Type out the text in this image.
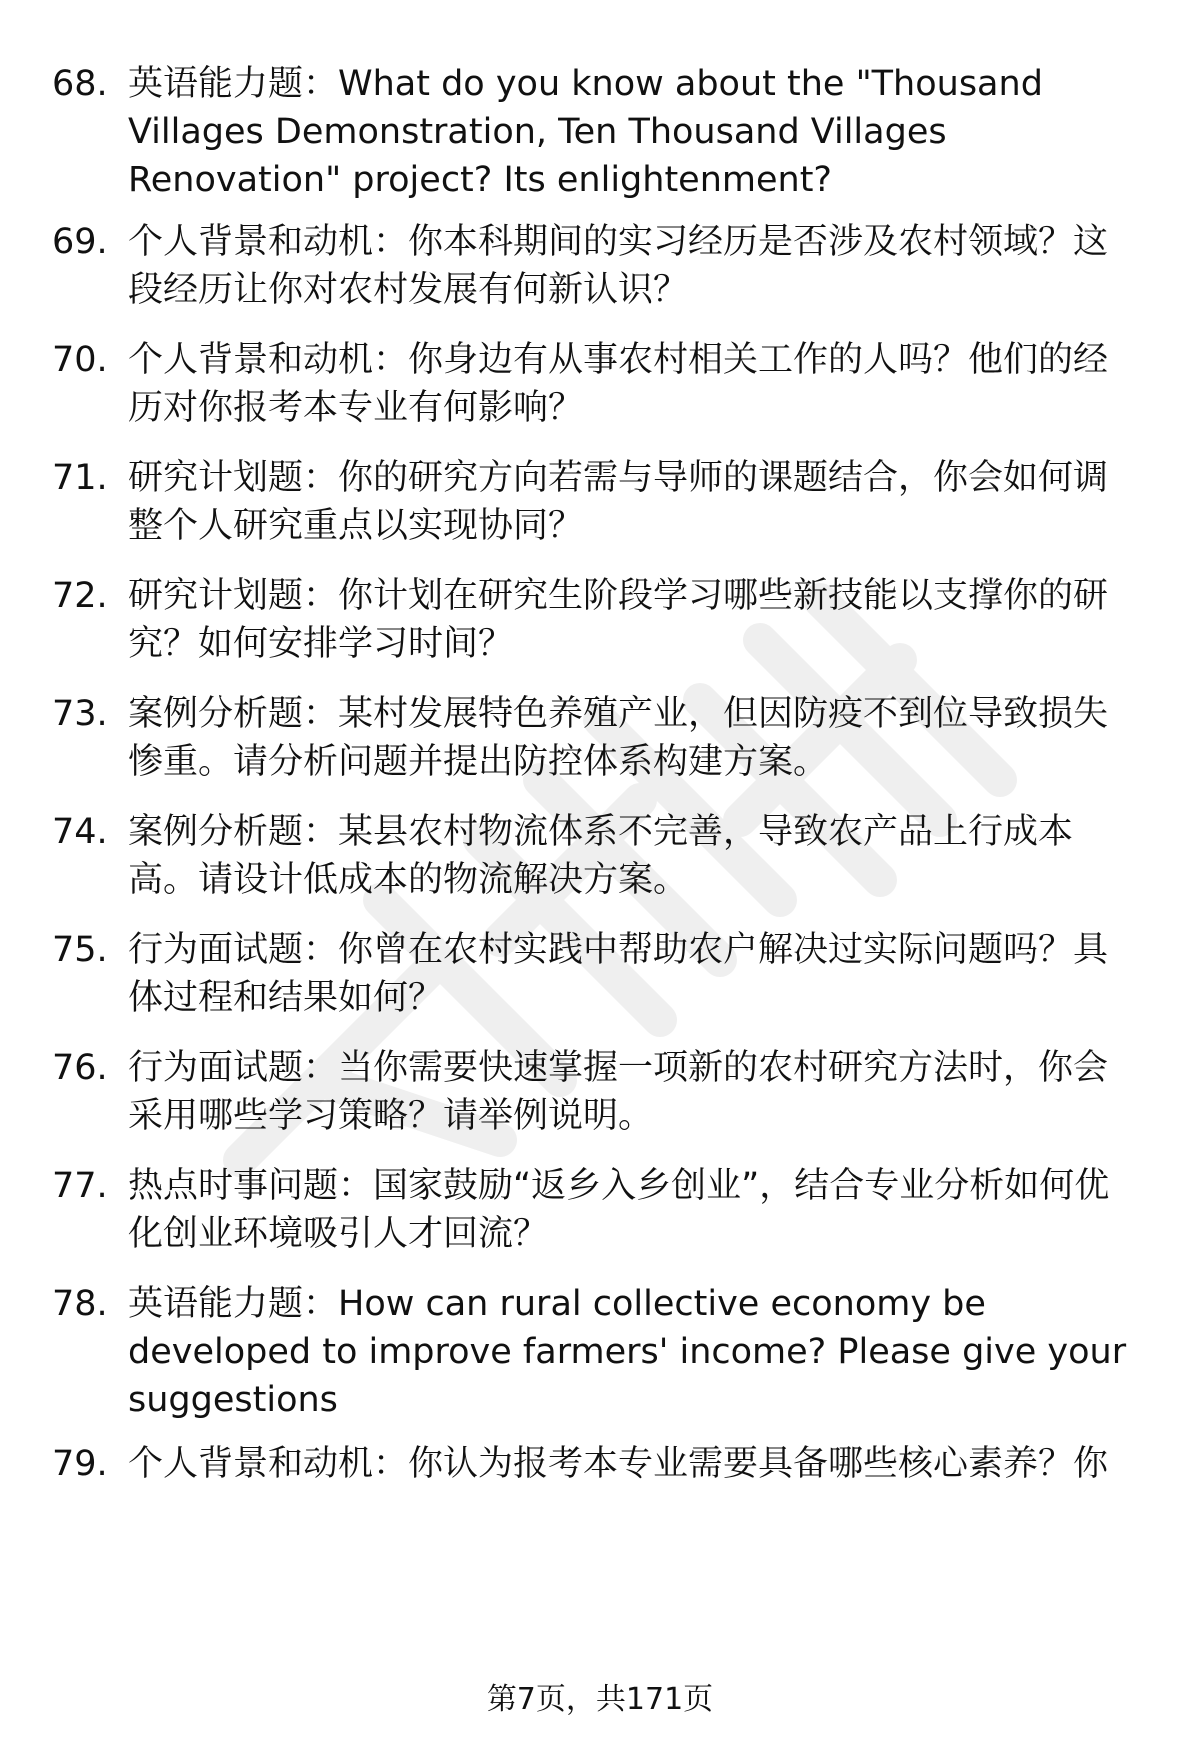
68. 英语能力题：What do you know about the "Thousand Villages Demonstration, Ten Thousand Villages Renovation" project? Its enlightenment?
69. 个人背景和动机：你本科期间的实习经历是否涉及农村领域？这段经历让你对农村发展有何新认识？
70. 个人背景和动机：你身边有从事农村相关工作的人吗？他们的经历对你报考本专业有何影响？
71. 研究计划题：你的研究方向若需与导师的课题结合，你会如何调整个人研究重点以实现协同？
72. 研究计划题：你计划在研究生阶段学习哪些新技能以支撑你的研究？如何安排学习时间？
73. 案例分析题：某村发展特色养殖产业，但因防疫不到位导致损失惨重。请分析问题并提出防控体系构建方案。
74. 案例分析题：某县农村物流体系不完善，导致农产品上行成本高。请设计低成本的物流解决方案。
75. 行为面试题：你曾在农村实践中帮助农户解决过实际问题吗？具体过程和结果如何？
76. 行为面试题：当你需要快速掌握一项新的农村研究方法时，你会采用哪些学习策略？请举例说明。
77. 热点时事问题：国家鼓励“返乡入乡创业”，结合专业分析如何优化创业环境吸引人才回流？
78. 英语能力题：How can rural collective economy be developed to improve farmers' income? Please give your suggestions
79. 个人背景和动机：你认为报考本专业需要具备哪些核心素养？你
第7页，共171页
